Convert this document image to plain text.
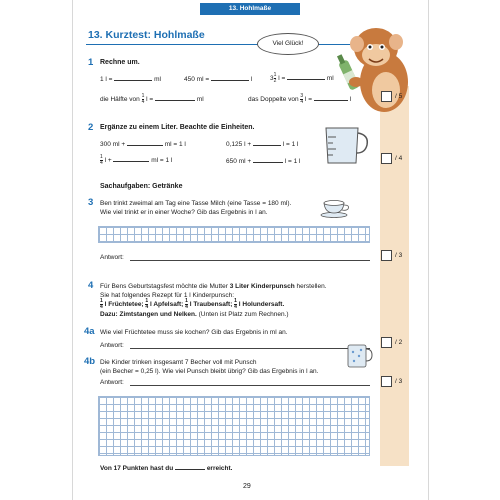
13. Hohlmaße
13. Kurztest: Hohlmaße
Viel Glück!
1 Rechne um.
1 l =	ml	450 ml =	l	$3 \frac{1}{2}$ l =	ml
die Hälfte von $\frac{1}{4}$ l =	ml	das Doppelte von $\frac{3}{4}$ l =	l	/ 5
2 Ergänze zu einem Liter. Beachte die Einheiten.
300 ml +	ml = 1 l	0,125 l +	l = 1 l
$\frac{1}{4}$ l +	ml = 1 l	650 ml +	l = 1 l	/ 4
Sachaufgaben: Getränke
3 Ben trinkt zweimal am Tag eine Tasse Milch (eine Tasse = 180 ml).
Wie viel trinkt er in einer Woche? Gib das Ergebnis in l an.
Antwort:	/ 3
4 Für Bens Geburtstagsfest möchte die Mutter 3 Liter Kinderpunsch herstellen.
Sie hat folgendes Rezept für 1 l Kinderpunsch:
$\frac{1}{4}$ l Früchtetee; $\frac{1}{4}$ l Apfelsaft; $\frac{1}{4}$ l Traubensaft; $\frac{1}{4}$ l Holundersaft.
Dazu: Zimtstangen und Nelken. (Unten ist Platz zum Rechnen.)
4a Wie viel Früchtetee muss sie kochen? Gib das Ergebnis in ml an.
Antwort:	/ 2
4b Die Kinder trinken insgesamt 7 Becher voll mit Punsch
(ein Becher = 0,25 l). Wie viel Punsch bleibt übrig? Gib das Ergebnis in l an.
Antwort:	/ 3
Von 17 Punkten hast du	erreicht.
29
